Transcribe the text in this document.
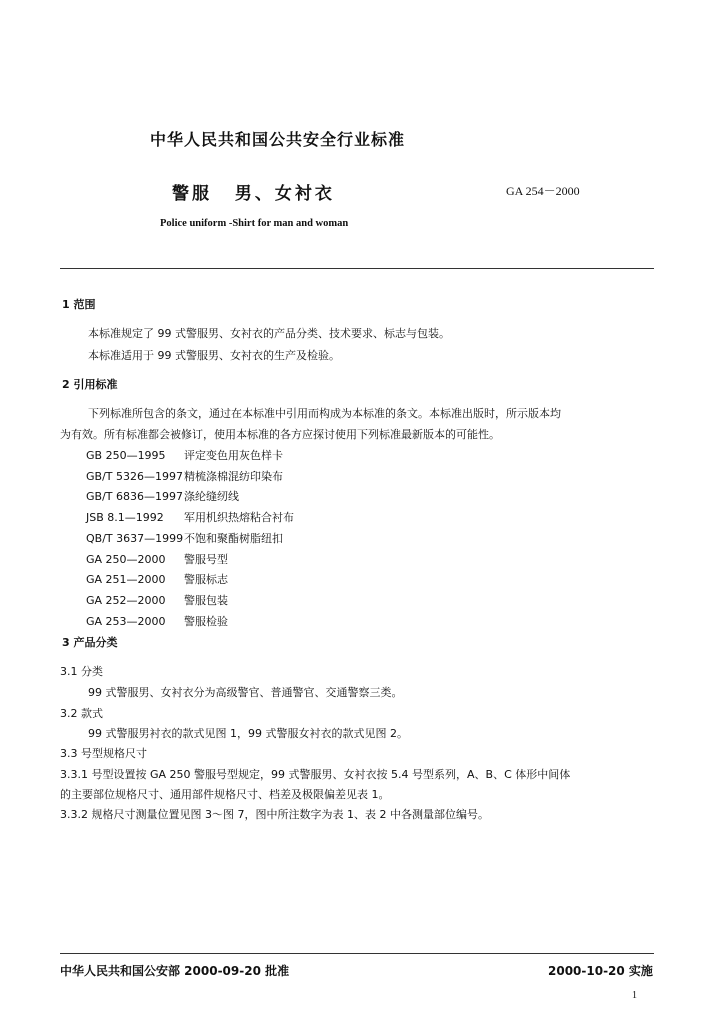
中华人民共和国公共安全行业标准
警服 男、女衬衣	GA 254－2000
Police uniform -Shirt for man and woman
1 范围
本标准规定了 99 式警服男、女衬衣的产品分类、技术要求、标志与包装。
本标准适用于 99 式警服男、女衬衣的生产及检验。
2 引用标准
下列标准所包含的条文，通过在本标准中引用而构成为本标准的条文。本标准出版时，所示版本均
为有效。所有标准都会被修订，使用本标准的各方应探讨使用下列标准最新版本的可能性。
GB 250—1995 评定变色用灰色样卡
GB/T 5326—1997精梳涤棉混纺印染布
GB/T 6836—1997涤纶缝纫线
JSB 8.1—1992 军用机织热熔粘合衬布
QB/T 3637—1999不饱和聚酯树脂纽扣
GA 250—2000 警服号型
GA 251—2000 警服标志
GA 252—2000 警服包装
GA 253—2000 警服检验
3 产品分类
3.1 分类
99 式警服男、女衬衣分为高级警官、普通警官、交通警察三类。
3.2 款式
99 式警服男衬衣的款式见图 1，99 式警服女衬衣的款式见图 2。
3.3 号型规格尺寸
3.3.1 号型设置按 GA 250 警服号型规定，99 式警服男、女衬衣按 5.4 号型系列，A、B、C 体形中间体
的主要部位规格尺寸、通用部件规格尺寸、档差及极限偏差见表 1。
3.3.2 规格尺寸测量位置见图 3～图 7，图中所注数字为表 1、表 2 中各测量部位编号。
中华人民共和国公安部 2000-09-20 批准	2000-10-20 实施
1
